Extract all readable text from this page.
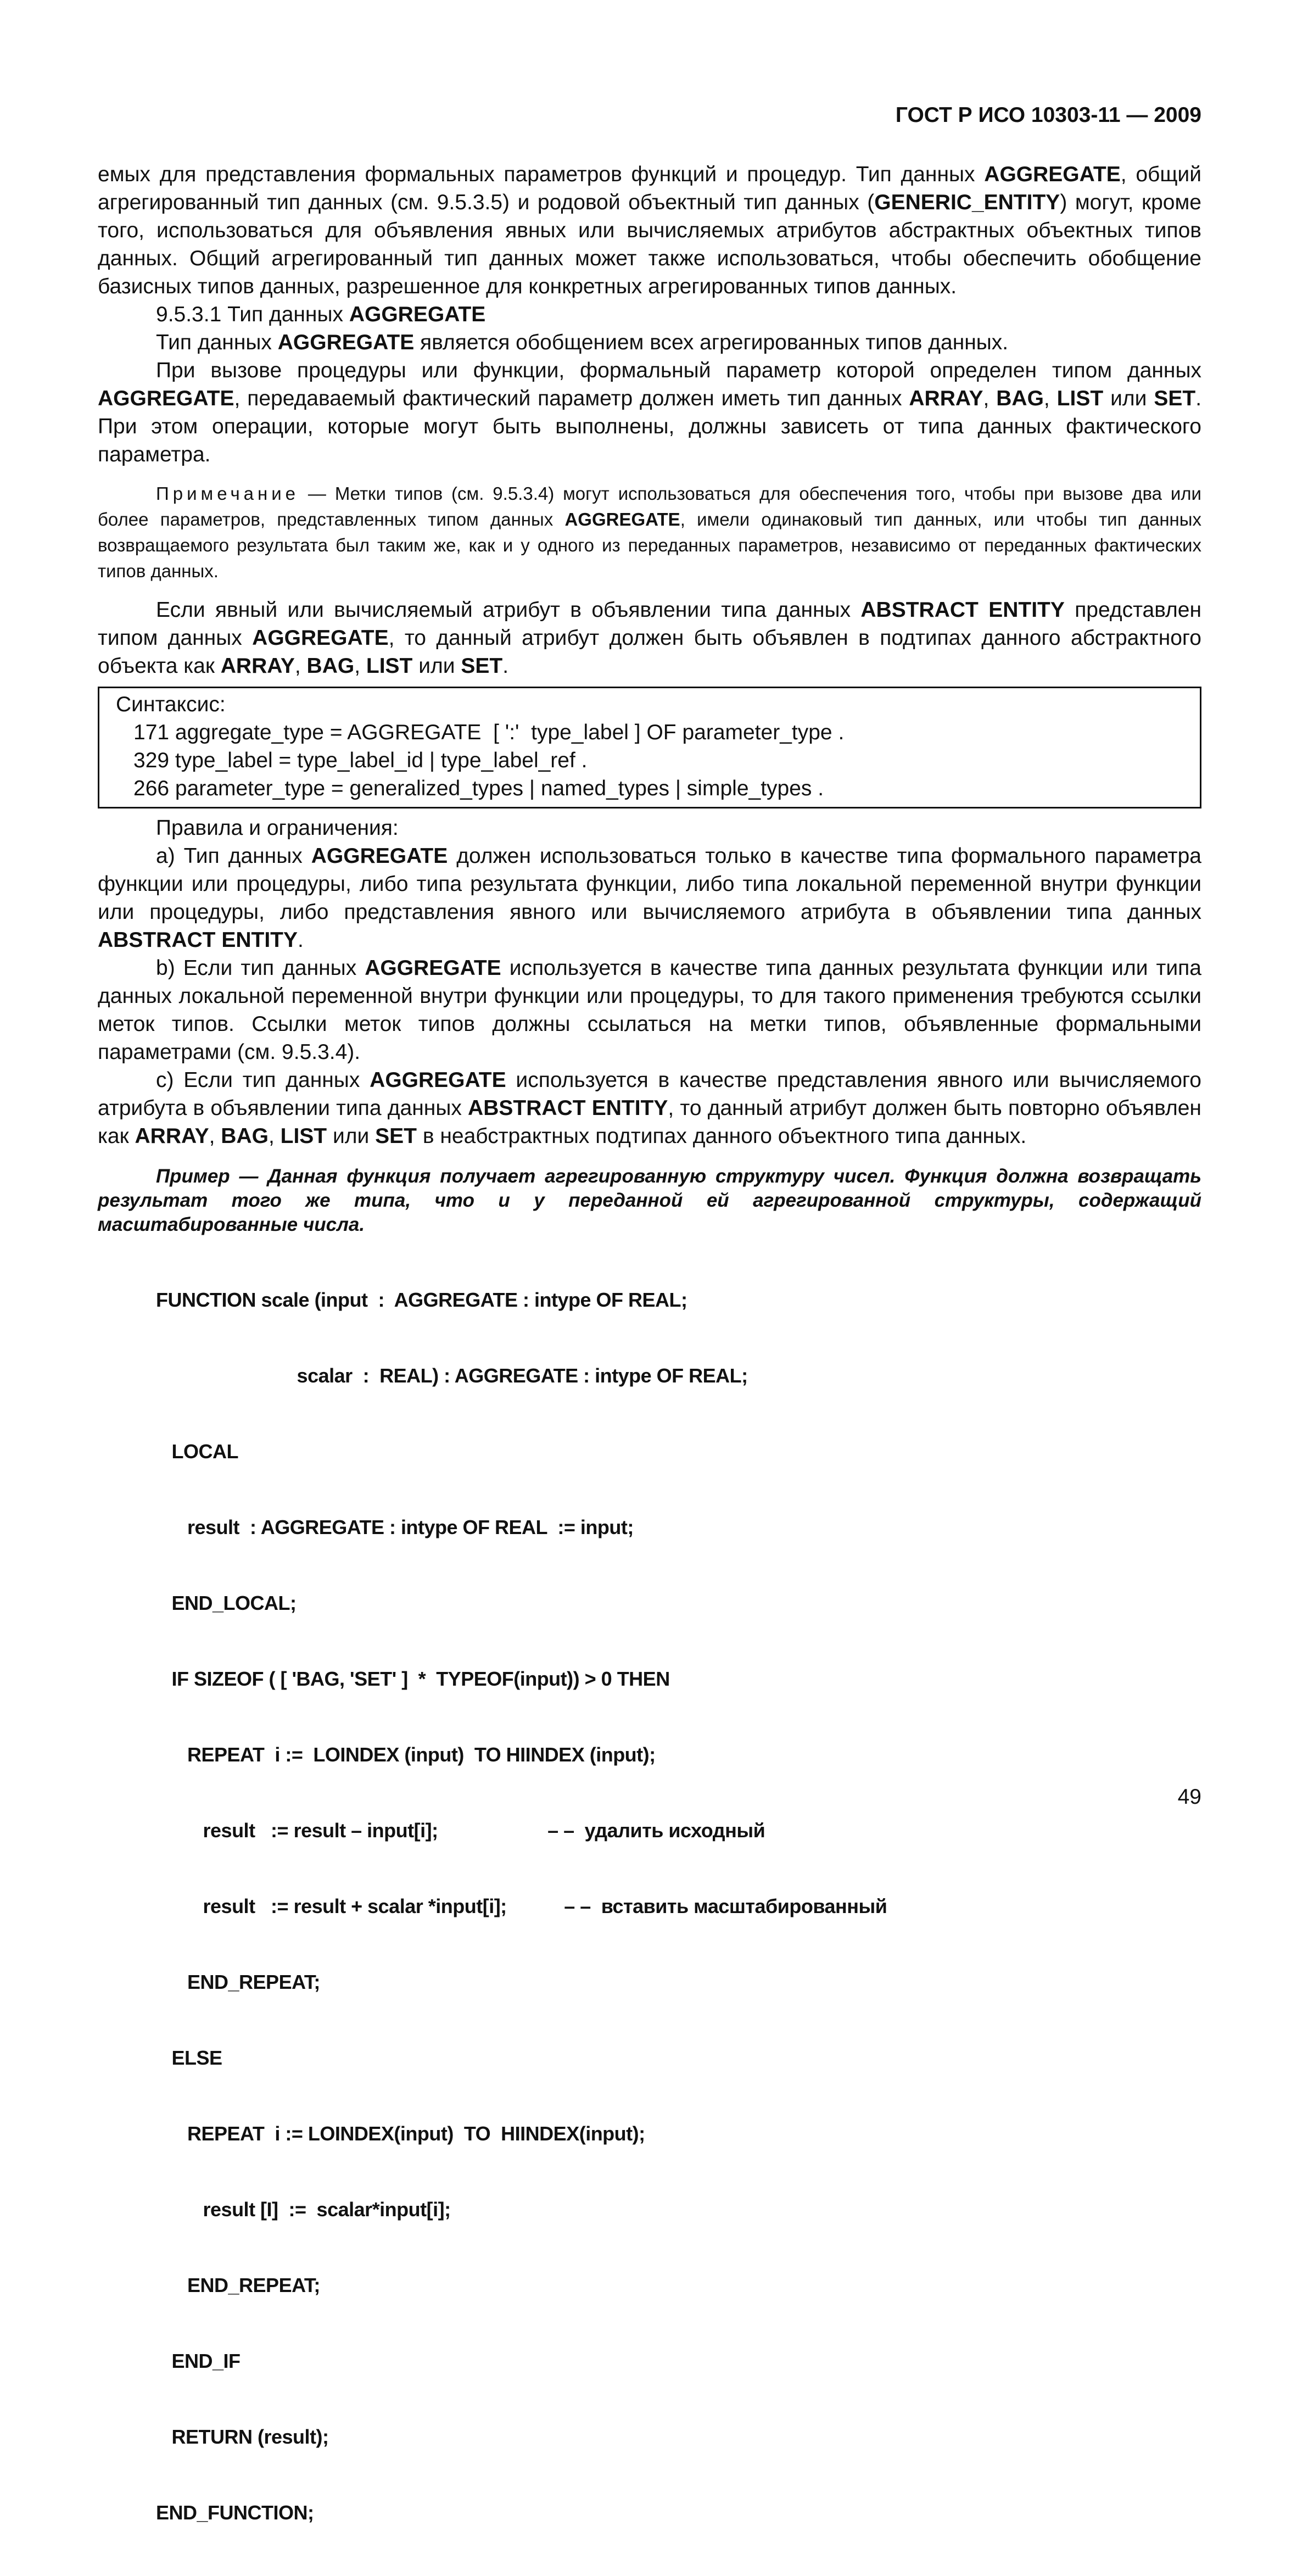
ГОСТ Р ИСО 10303-11 — 2009

емых для представления формальных параметров функций и процедур. Тип данных AGGREGATE, общий агрегированный тип данных (см. 9.5.3.5) и родовой объектный тип данных (GENERIC_ENTITY) могут, кроме того, использоваться для объявления явных или вычисляемых атрибутов абстрактных объектных типов данных. Общий агрегированный тип данных может также использоваться, чтобы обеспечить обобщение базисных типов данных, разрешенное для конкретных агрегированных типов данных.

9.5.3.1 Тип данных AGGREGATE

Тип данных AGGREGATE является обобщением всех агрегированных типов данных.

При вызове процедуры или функции, формальный параметр которой определен типом данных AGGREGATE, передаваемый фактический параметр должен иметь тип данных ARRAY, BAG, LIST или SET. При этом операции, которые могут быть выполнены, должны зависеть от типа данных фактического параметра.

Примечание — Метки типов (см. 9.5.3.4) могут использоваться для обеспечения того, чтобы при вызове два или более параметров, представленных типом данных AGGREGATE, имели одинаковый тип данных, или чтобы тип данных возвращаемого результата был таким же, как и у одного из переданных параметров, независимо от переданных фактических типов данных.

Если явный или вычисляемый атрибут в объявлении типа данных ABSTRACT ENTITY представлен типом данных AGGREGATE, то данный атрибут должен быть объявлен в подтипах данного абстрактного объекта как ARRAY, BAG, LIST или SET.

Синтаксис:
171 aggregate_type = AGGREGATE  [ ':'  type_label ] OF parameter_type .
329 type_label = type_label_id | type_label_ref .
266 parameter_type = generalized_types | named_types | simple_types .

Правила и ограничения:

a) Тип данных AGGREGATE должен использоваться только в качестве типа формального параметра функции или процедуры, либо типа результата функции, либо типа локальной переменной внутри функции или процедуры, либо представления явного или вычисляемого атрибута в объявлении типа данных ABSTRACT ENTITY.

b) Если тип данных AGGREGATE используется в качестве типа данных результата функции или типа данных локальной переменной внутри функции или процедуры, то для такого применения требуются ссылки меток типов. Ссылки меток типов должны ссылаться на метки типов, объявленные формальными параметрами (см. 9.5.3.4).

c) Если тип данных AGGREGATE используется в качестве представления явного или вычисляемого атрибута в объявлении типа данных ABSTRACT ENTITY, то данный атрибут должен быть повторно объявлен как ARRAY, BAG, LIST или SET в неабстрактных подтипах данного объектного типа данных.

Пример — Данная функция получает агрегированную структуру чисел. Функция должна возвращать результат того же типа, что и у переданной ей агрегированной структуры, содержащий масштабированные числа.

FUNCTION scale (input  :  AGGREGATE : intype OF REAL;

scalar  :  REAL) : AGGREGATE : intype OF REAL;

LOCAL

result  : AGGREGATE : intype OF REAL  := input;

END_LOCAL;

IF SIZEOF ( [ 'BAG, 'SET' ]  *  TYPEOF(input)) > 0 THEN

REPEAT  i :=  LOINDEX (input)  TO HIINDEX (input);

result   := result – input[i];                     – –  удалить исходный

result   := result + scalar *input[i];           – –  вставить масштабированный

END_REPEAT;

ELSE

REPEAT  i := LOINDEX(input)  TO  HIINDEX(input);

result [I]  :=  scalar*input[i];

END_REPEAT;

END_IF

RETURN (result);

END_FUNCTION;

49
